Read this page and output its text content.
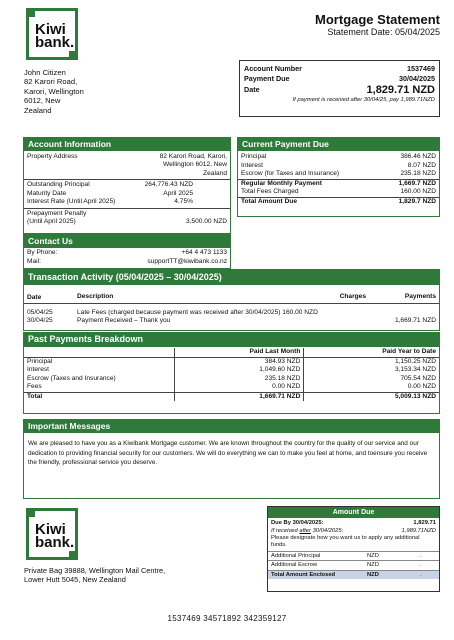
Kiwi
bank.
Mortgage Statement
Statement Date: 05/04/2025
John Citizen
82 Karori Road,
Karori, Wellington
6012, New
Zealand
Account Number	1537469
Payment Due	30/04/2025
Date	1,829.71 NZD
If payment is received after 30/04/25, pay 1,989.71NZD
Account Information
Property Address	82 Karori Road, Karori,
Wellington 6012, New
Zealand
Outstanding Principal	264,776.43 NZD
Maturity Date	April 2025
Interest Rate (Until April 2025)	4.75%
Prepayment Penalty
(Until April 2025)	3,500.00 NZD
Contact Us
By Phone:	+64 4 473 1133
Mail:	supportTT@kiwibank.co.nz
Current Payment Due
Principal	386.46 NZD
Interest	8.07 NZD
Escrow (for Taxes and Insurance)	235.18 NZD
Regular Monthly Payment	1,669.7 NZD
Total Fees Charged	160.00 NZD
Total Amount Due	1,829.7 NZD
Transaction Activity (05/04/2025 – 30/04/2025)
Date	Description	Charges	Payments

05/04/25	Late Fees (charged because payment was received after 30/04/2025) 160.00 NZD		
30/04/25	Payment Received – Thank you		1,669.71 NZD
Past Payments Breakdown
	Paid Last Month	Paid Year to Date
Principal	384.93 NZD	1,150.25 NZD
Interest	1,049.60 NZD	3,153.34 NZD
Escrow (Taxes and Insurance)	235.18 NZD	705.54 NZD
Fees	0.00 NZD	0.00 NZD
Total	1,669.71 NZD	5,009.13 NZD
Important Messages
We are pleased to have you as a Kiwibank Mortgage customer. We are known throughout the country for the quality of our service and our dedication to providing financial security for our customers. We will do everything we can to make you feel at home, and toensure you receive the friendly, professional service you deserve.
Kiwi
bank.
Private Bag 39888, Wellington Mail Centre,
Lower Hutt 5045, New Zealand
Amount Due
Due By 30/04/2025:	1,829.71
If received after 30/04/2025:	1,989.71NZD
Please designate how you want us to apply any additional funds.
Additional Principal	NZD	.
Additional Escrow	NZD	.
Total Amount Enclosed	NZD	.
1537469 34571892 342359127
